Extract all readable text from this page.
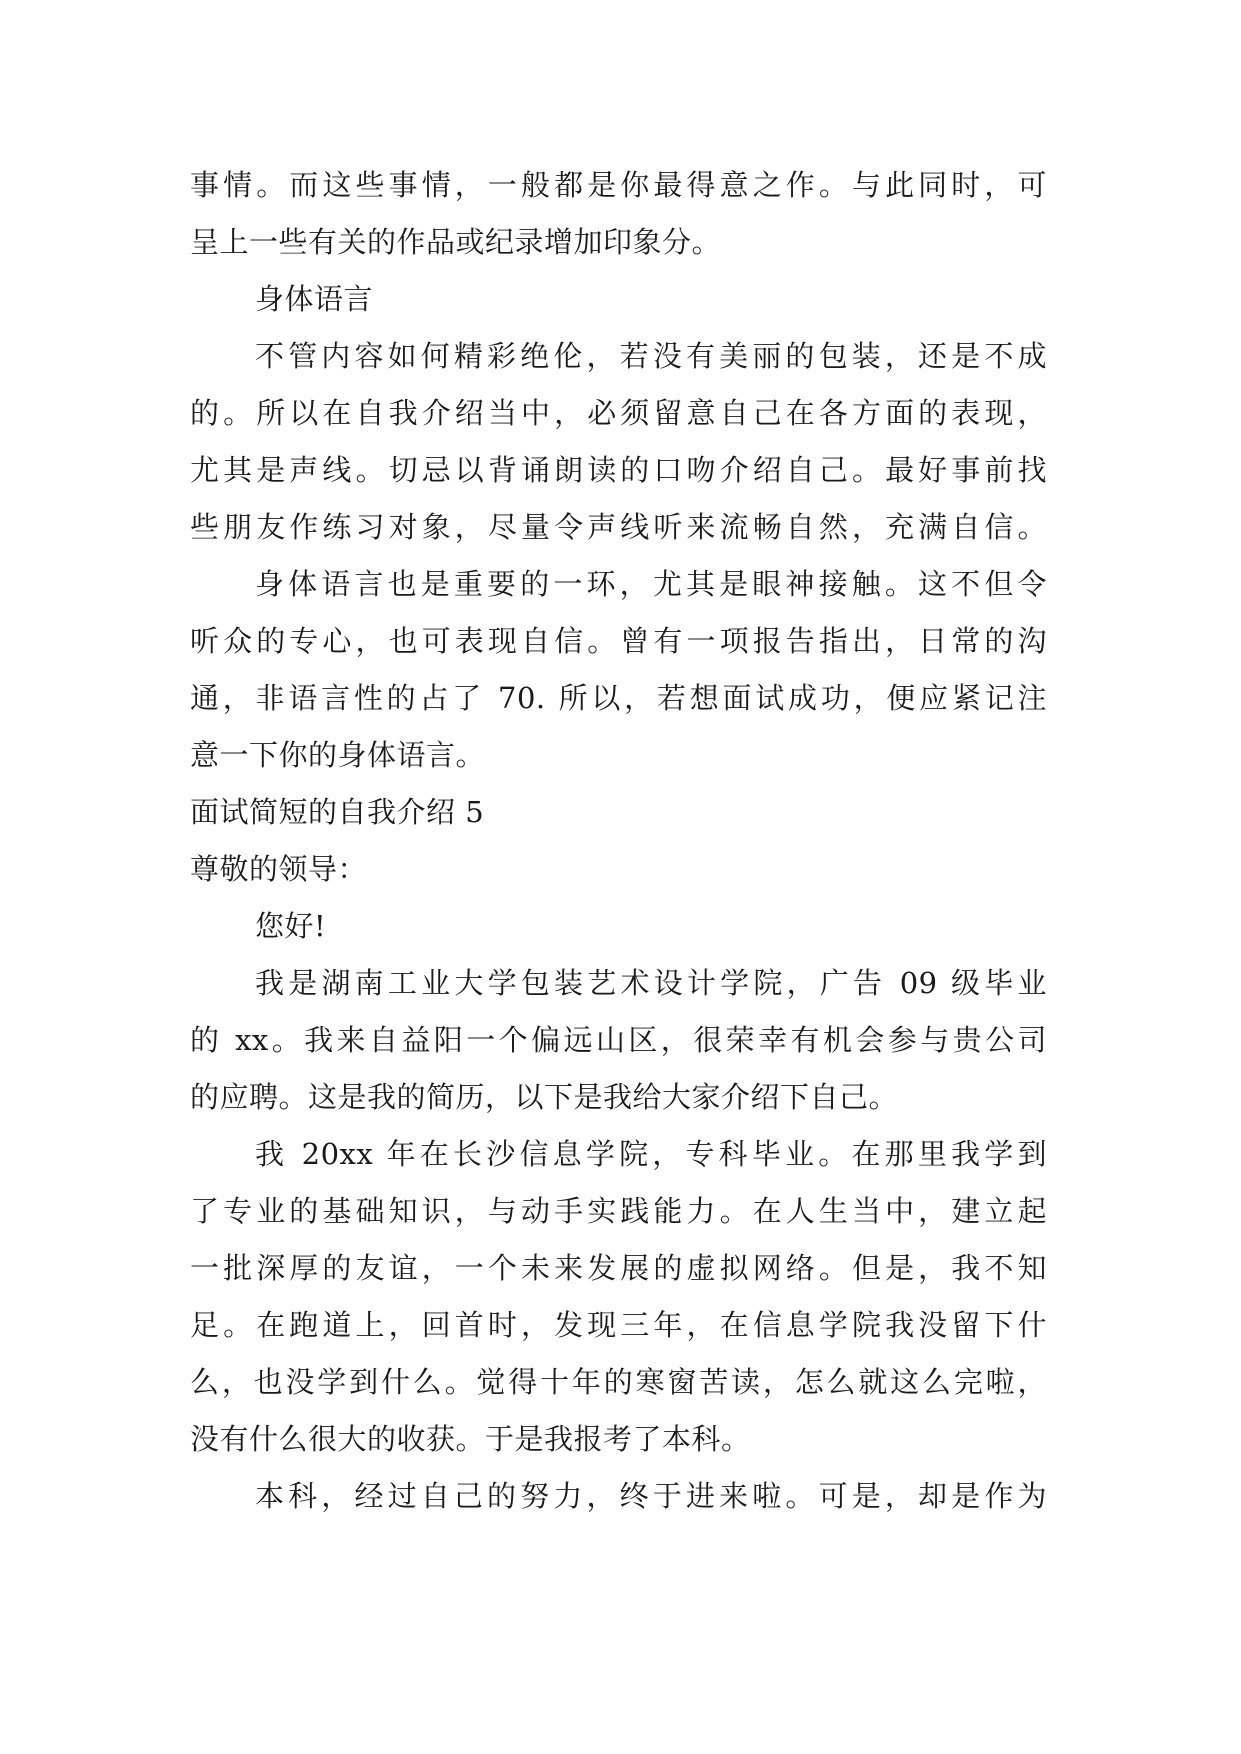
事情。而这些事情，一般都是你最得意之作。与此同时，可
呈上一些有关的作品或纪录增加印象分。
身体语言
不管内容如何精彩绝伦，若没有美丽的包装，还是不成
的。所以在自我介绍当中，必须留意自己在各方面的表现，
尤其是声线。切忌以背诵朗读的口吻介绍自己。最好事前找
些朋友作练习对象，尽量令声线听来流畅自然，充满自信。
身体语言也是重要的一环，尤其是眼神接触。这不但令
听众的专心，也可表现自信。曾有一项报告指出，日常的沟
通，非语言性的占了 70. 所以，若想面试成功，便应紧记注
意一下你的身体语言。
面试简短的自我介绍 5
尊敬的领导：
您好!
我是湖南工业大学包装艺术设计学院，广告 09 级毕业
的 xx。我来自益阳一个偏远山区，很荣幸有机会参与贵公司
的应聘。这是我的简历，以下是我给大家介绍下自己。
我 20xx 年在长沙信息学院，专科毕业。在那里我学到
了专业的基础知识，与动手实践能力。在人生当中，建立起
一批深厚的友谊，一个未来发展的虚拟网络。但是，我不知
足。在跑道上，回首时，发现三年，在信息学院我没留下什
么，也没学到什么。觉得十年的寒窗苦读，怎么就这么完啦，
没有什么很大的收获。于是我报考了本科。
本科，经过自己的努力，终于进来啦。可是，却是作为
